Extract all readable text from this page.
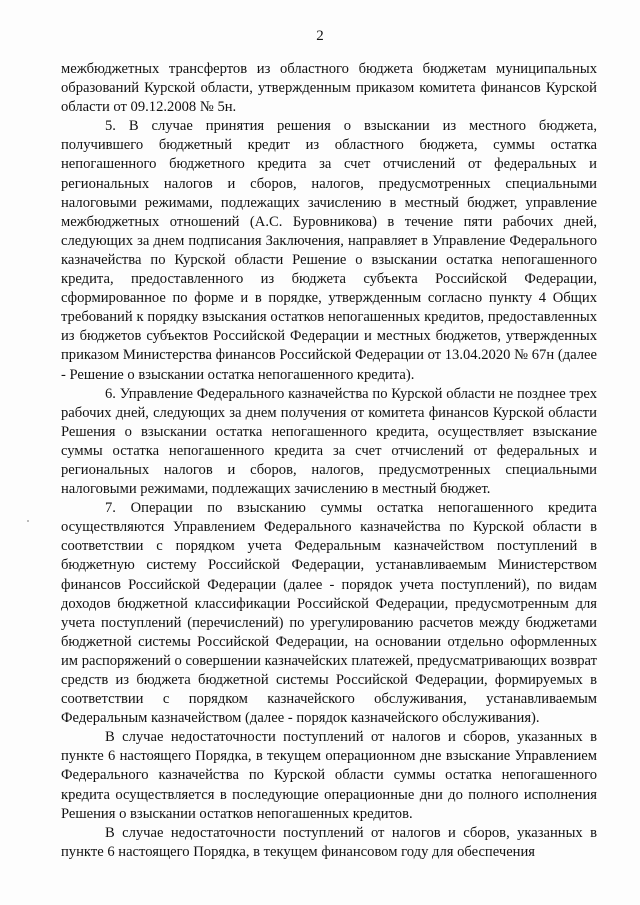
2

межбюджетных трансфертов из областного бюджета бюджетам муниципальных образований Курской области, утвержденным приказом комитета финансов Курской области от 09.12.2008 № 5н.

5. В случае принятия решения о взыскании из местного бюджета, получившего бюджетный кредит из областного бюджета, суммы остатка непогашенного бюджетного кредита за счет отчислений от федеральных и региональных налогов и сборов, налогов, предусмотренных специальными налоговыми режимами, подлежащих зачислению в местный бюджет, управление межбюджетных отношений (А.С. Буровникова) в течение пяти рабочих дней, следующих за днем подписания Заключения, направляет в Управление Федерального казначейства по Курской области Решение о взыскании остатка непогашенного кредита, предоставленного из бюджета субъекта Российской Федерации, сформированное по форме и в порядке, утвержденным согласно пункту 4 Общих требований к порядку взыскания остатков непогашенных кредитов, предоставленных из бюджетов субъектов Российской Федерации и местных бюджетов, утвержденных приказом Министерства финансов Российской Федерации от 13.04.2020 № 67н (далее - Решение о взыскании остатка непогашенного кредита).

6. Управление Федерального казначейства по Курской области не позднее трех рабочих дней, следующих за днем получения от комитета финансов Курской области Решения о взыскании остатка непогашенного кредита, осуществляет взыскание суммы остатка непогашенного кредита за счет отчислений от федеральных и региональных налогов и сборов, налогов, предусмотренных специальными налоговыми режимами, подлежащих зачислению в местный бюджет.

7. Операции по взысканию суммы остатка непогашенного кредита осуществляются Управлением Федерального казначейства по Курской области в соответствии с порядком учета Федеральным казначейством поступлений в бюджетную систему Российской Федерации, устанавливаемым Министерством финансов Российской Федерации (далее - порядок учета поступлений), по видам доходов бюджетной классификации Российской Федерации, предусмотренным для учета поступлений (перечислений) по урегулированию расчетов между бюджетами бюджетной системы Российской Федерации, на основании отдельно оформленных им распоряжений о совершении казначейских платежей, предусматривающих возврат средств из бюджета бюджетной системы Российской Федерации, формируемых в соответствии с порядком казначейского обслуживания, устанавливаемым Федеральным казначейством (далее - порядок казначейского обслуживания).

В случае недостаточности поступлений от налогов и сборов, указанных в пункте 6 настоящего Порядка, в текущем операционном дне взыскание Управлением Федерального казначейства по Курской области суммы остатка непогашенного кредита осуществляется в последующие операционные дни до полного исполнения Решения о взыскании остатков непогашенных кредитов.

В случае недостаточности поступлений от налогов и сборов, указанных в пункте 6 настоящего Порядка, в текущем финансовом году для обеспечения
